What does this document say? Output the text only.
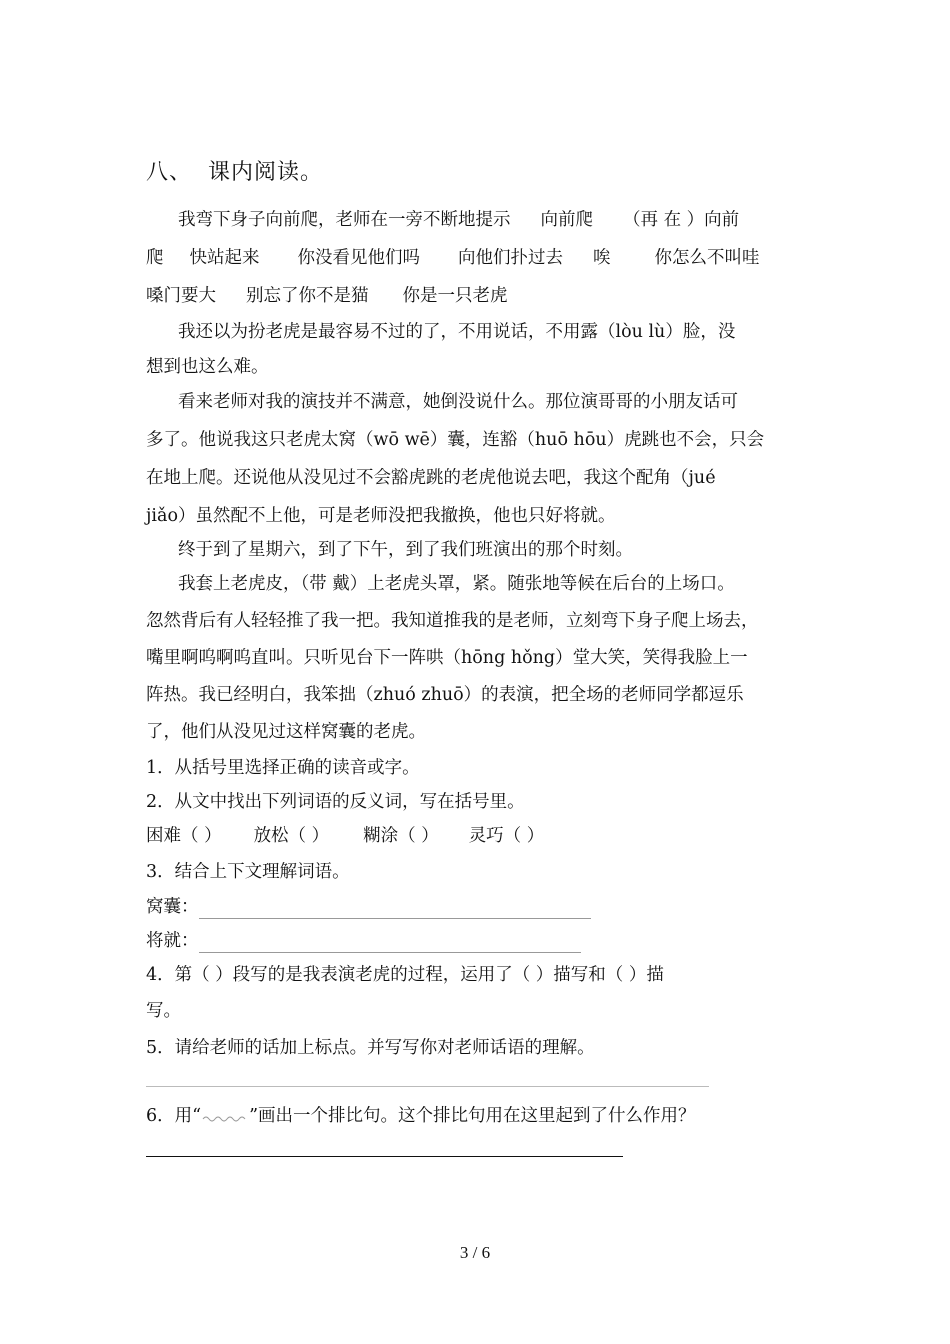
八、 课内阅读。
我弯下身子向前爬，老师在一旁不断地提示 向前爬 （再 在 ）向前
爬 快站起来 你没看见他们吗 向他们扑过去 唉	你怎么不叫哇
嗓门要大 别忘了你不是猫 你是一只老虎
我还以为扮老虎是最容易不过的了，不用说话，不用露（lòu lù）脸，没
想到也这么难。
看来老师对我的演技并不满意，她倒没说什么。那位演哥哥的小朋友话可
多了。他说我这只老虎太窝（wō wē）囊，连豁（huō hōu）虎跳也不会，只会
在地上爬。还说他从没见过不会豁虎跳的老虎他说去吧，我这个配角（jué
jiǎo）虽然配不上他，可是老师没把我撤换，他也只好将就。
终于到了星期六，到了下午，到了我们班演出的那个时刻。
我套上老虎皮，（带 戴）上老虎头罩，紧。随张地等候在后台的上场口。
忽然背后有人轻轻推了我一把。我知道推我的是老师，立刻弯下身子爬上场去，
嘴里啊呜啊呜直叫。只听见台下一阵哄（hōng hǒng）堂大笑，笑得我脸上一
阵热。我已经明白，我笨拙（zhuó zhuō）的表演，把全场的老师同学都逗乐
了，他们从没见过这样窝囊的老虎。
1．从括号里选择正确的读音或字。
2．从文中找出下列词语的反义词，写在括号里。
困难（ ） 放松（ ） 糊涂（ ） 灵巧（ ）
3．结合上下文理解词语。
窝囊：
将就：
4．第（ ）段写的是我表演老虎的过程，运用了（ ）描写和（ ）描
写。
5．请给老师的话加上标点。并写写你对老师话语的理解。
6．用“	”画出一个排比句。这个排比句用在这里起到了什么作用？
3 / 6
